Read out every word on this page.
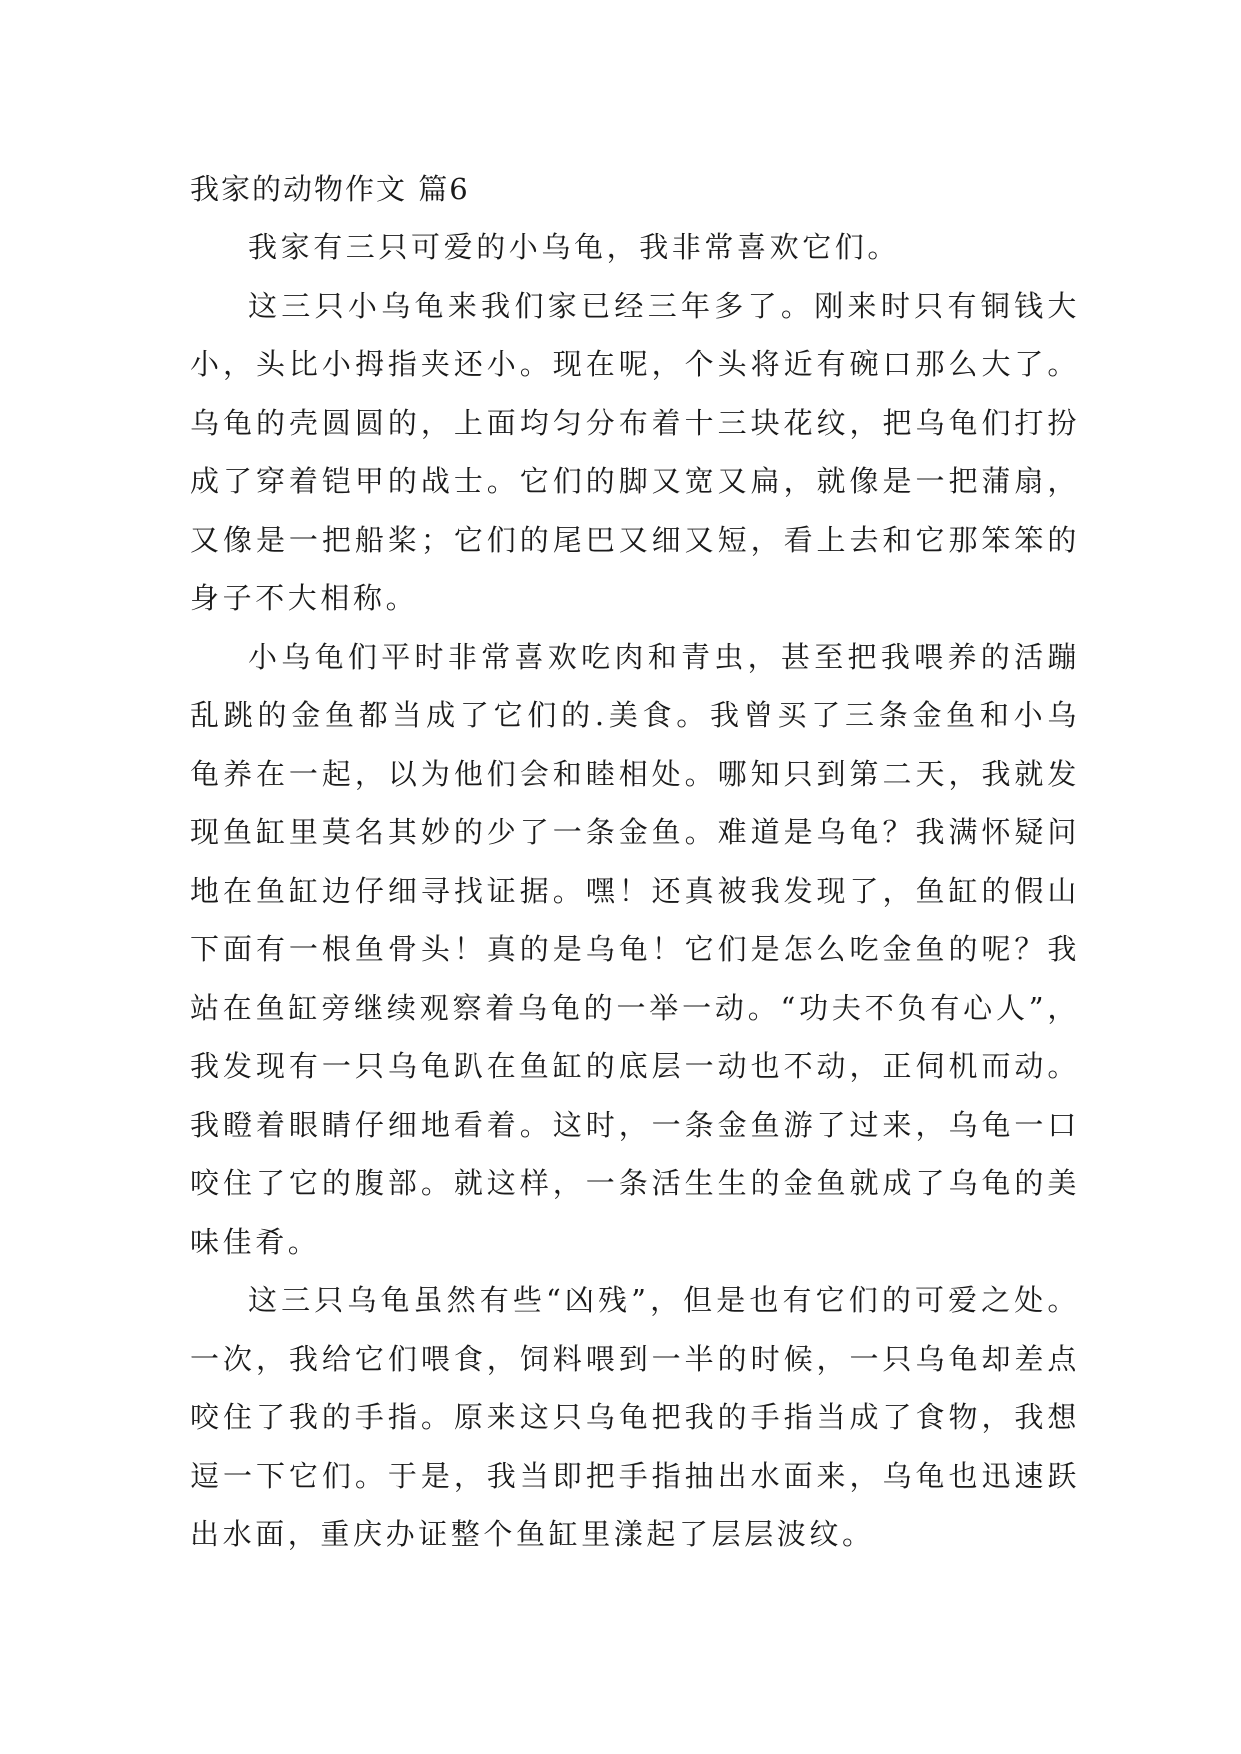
我家的动物作文 篇6

我家有三只可爱的小乌龟，我非常喜欢它们。

这三只小乌龟来我们家已经三年多了。刚来时只有铜钱大小，头比小拇指夹还小。现在呢，个头将近有碗口那么大了。乌龟的壳圆圆的，上面均匀分布着十三块花纹，把乌龟们打扮成了穿着铠甲的战士。它们的脚又宽又扁，就像是一把蒲扇，又像是一把船桨；它们的尾巴又细又短，看上去和它那笨笨的身子不大相称。

小乌龟们平时非常喜欢吃肉和青虫，甚至把我喂养的活蹦乱跳的金鱼都当成了它们的.美食。我曾买了三条金鱼和小乌龟养在一起，以为他们会和睦相处。哪知只到第二天，我就发现鱼缸里莫名其妙的少了一条金鱼。难道是乌龟？我满怀疑问地在鱼缸边仔细寻找证据。嘿！还真被我发现了，鱼缸的假山下面有一根鱼骨头！真的是乌龟！它们是怎么吃金鱼的呢？我站在鱼缸旁继续观察着乌龟的一举一动。“功夫不负有心人”，我发现有一只乌龟趴在鱼缸的底层一动也不动，正伺机而动。我瞪着眼睛仔细地看着。这时，一条金鱼游了过来，乌龟一口咬住了它的腹部。就这样，一条活生生的金鱼就成了乌龟的美味佳肴。

这三只乌龟虽然有些“凶残”，但是也有它们的可爱之处。一次，我给它们喂食，饲料喂到一半的时候，一只乌龟却差点咬住了我的手指。原来这只乌龟把我的手指当成了食物，我想逗一下它们。于是，我当即把手指抽出水面来，乌龟也迅速跃出水面，重庆办证整个鱼缸里漾起了层层波纹。
